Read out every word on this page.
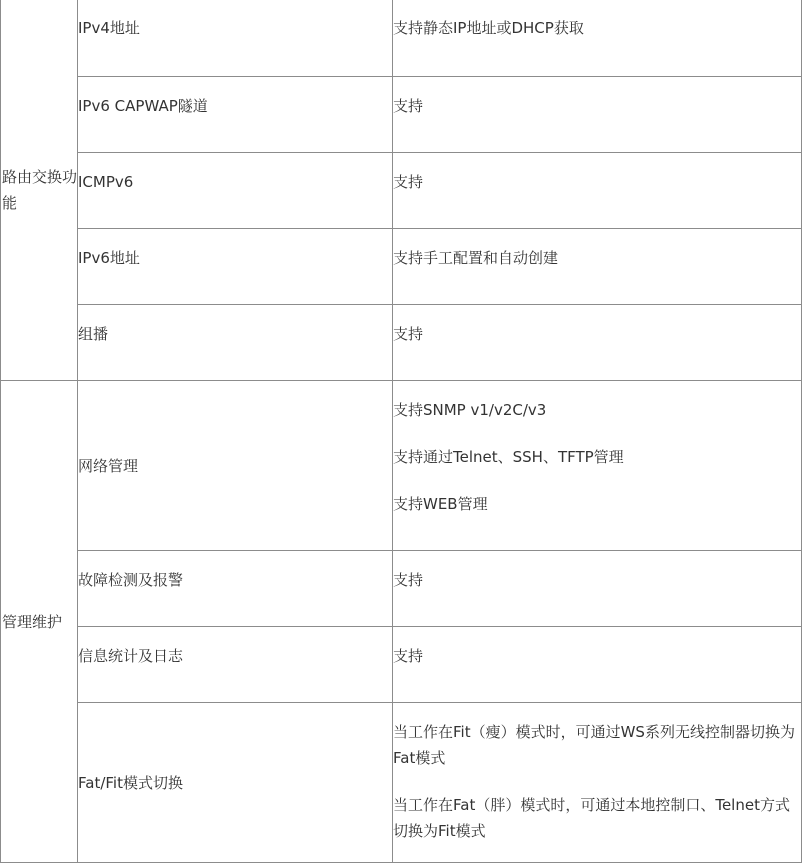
路由交换功能	IPv4地址	支持静态IP地址或DHCP获取
	IPv6 CAPWAP隧道	支持
	ICMPv6	支持
	IPv6地址	支持手工配置和自动创建
	组播	支持

管理维护	网络管理	支持SNMP v1/v2C/v3

支持通过Telnet、SSH、TFTP管理

支持WEB管理

	故障检测及报警	支持
	信息统计及日志	支持
	Fat/Fit模式切换	当工作在Fit（瘦）模式时，可通过WS系列无线控制器切换为Fat模式

当工作在Fat（胖）模式时，可通过本地控制口、Telnet方式切换为Fit模式
